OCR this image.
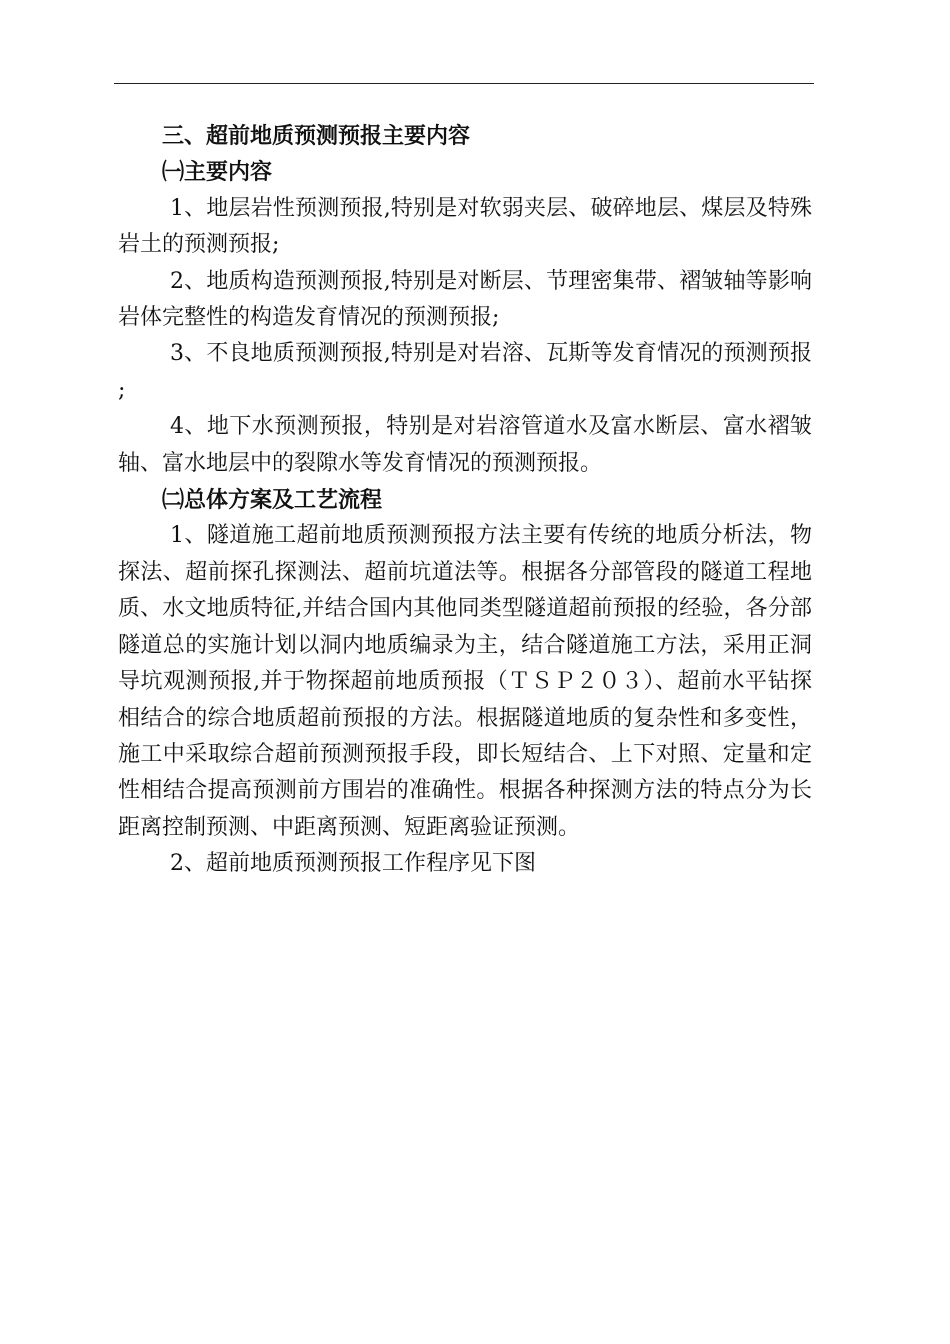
三、超前地质预测预报主要内容
㈠主要内容

1、地层岩性预测预报,特别是对软弱夹层、破碎地层、煤层及特殊岩土的预测预报;

2、地质构造预测预报,特别是对断层、节理密集带、褶皱轴等影响岩体完整性的构造发育情况的预测预报;

3、不良地质预测预报,特别是对岩溶、瓦斯等发育情况的预测预报;

4、地下水预测预报，特别是对岩溶管道水及富水断层、富水褶皱轴、富水地层中的裂隙水等发育情况的预测预报。

㈡总体方案及工艺流程

1、隧道施工超前地质预测预报方法主要有传统的地质分析法，物探法、超前探孔探测法、超前坑道法等。根据各分部管段的隧道工程地质、水文地质特征,并结合国内其他同类型隧道超前预报的经验，各分部隧道总的实施计划以洞内地质编录为主，结合隧道施工方法，采用正洞导坑观测预报,并于物探超前地质预报（ＴＳＰ２０３）、超前水平钻探相结合的综合地质超前预报的方法。根据隧道地质的复杂性和多变性，施工中采取综合超前预测预报手段，即长短结合、上下对照、定量和定性相结合提高预测前方围岩的准确性。根据各种探测方法的特点分为长距离控制预测、中距离预测、短距离验证预测。

2、超前地质预测预报工作程序见下图
